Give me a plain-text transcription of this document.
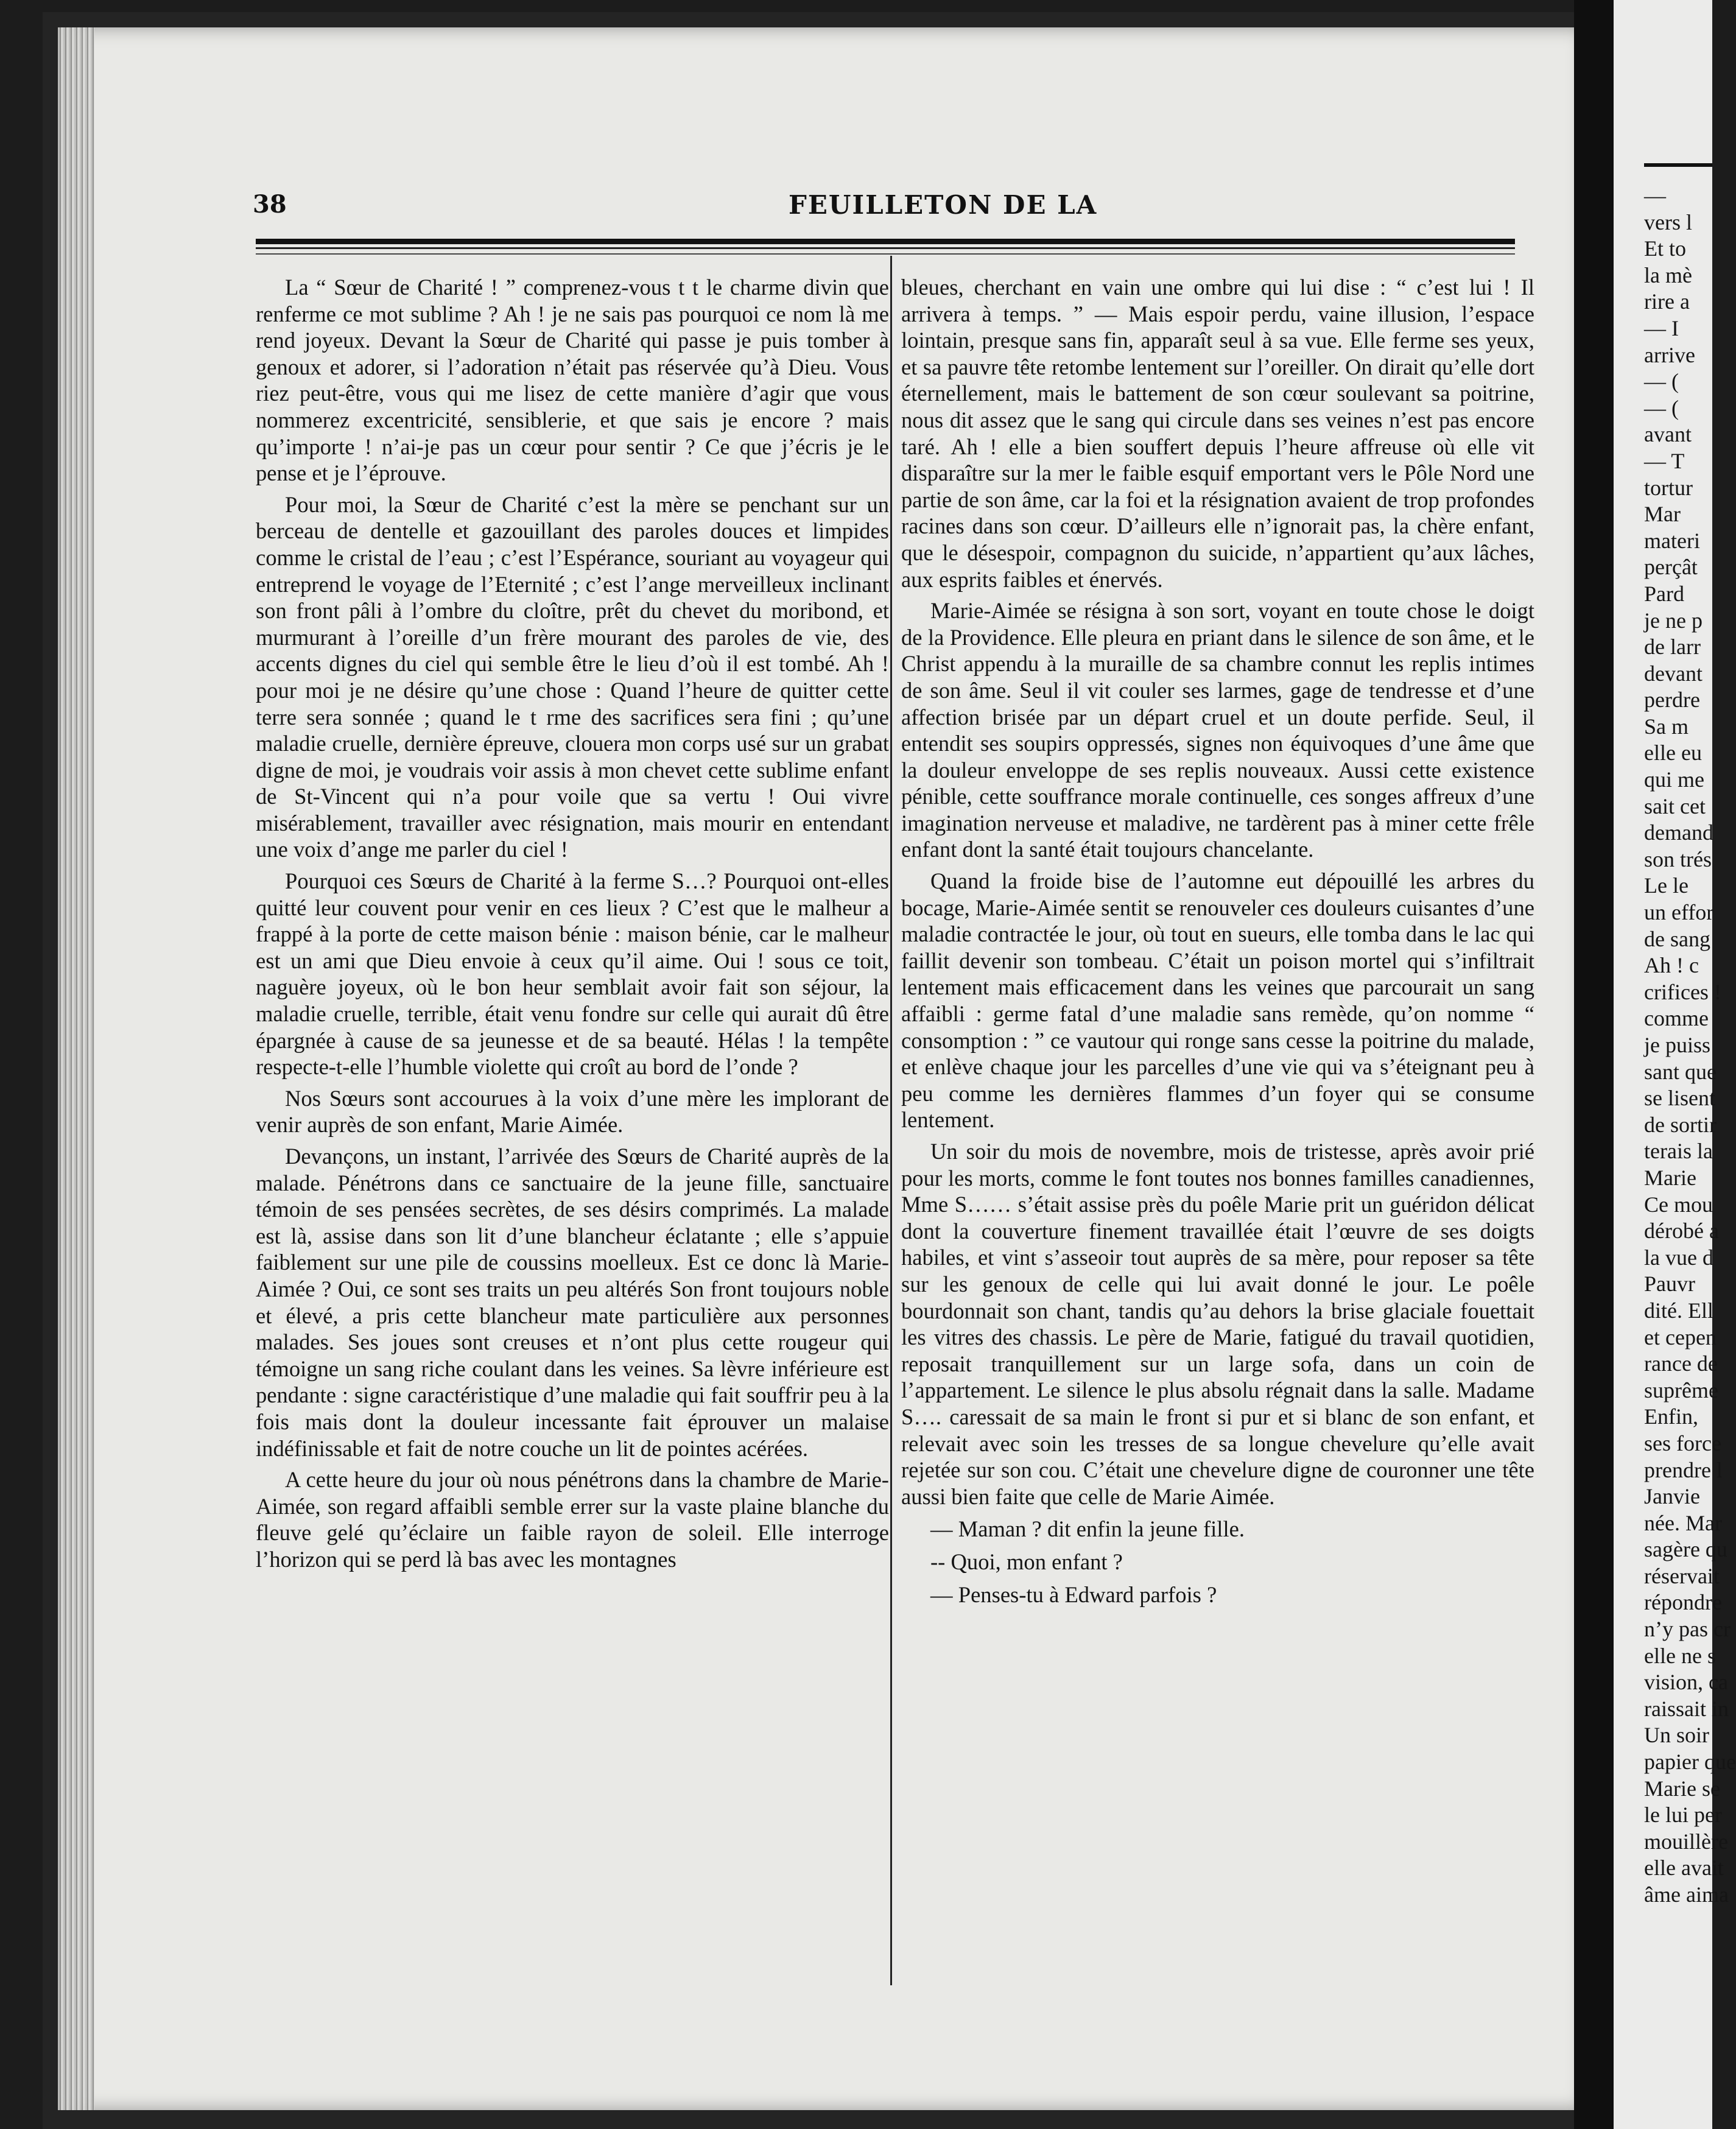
—
vers l
Et to
la mè
rire a
— I
arrive
— (
— (
avant
— T
tortur
Mar
materi
perçât
Pard
je ne p
de larr
devant
perdre
Sa m
elle eu
qui me
sait cet
demand
son trés
Le le
un effor
de sang
Ah ! c
crifices !
comme
je puiss
sant que
se lisent
de sortir
terais la
Marie
Ce mou
dérobé a
la vue d
Pauvr
dité. Ell
et cepen
rance de
suprême
Enfin,
ses force
prendre l
Janvie
née. Mar
sagère qu
réservait
répondre
n’y pas cr
elle ne s
vision, ca
raissait in
Un soir
papier que
Marie se
le lui per
mouillère
elle avait
âme aima
38	FEUILLETON DE LA

La “ Sœur de Charité ! ” comprenez-vous t t le charme divin que renferme ce mot sublime ? Ah ! je ne sais pas pourquoi ce nom là me rend joyeux. Devant la Sœur de Charité qui passe je puis tomber à genoux et adorer, si l’adoration n’était pas réservée qu’à Dieu. Vous riez peut-être, vous qui me lisez de cette manière d’agir que vous nommerez excentricité, sensiblerie, et que sais je encore ? mais qu’importe ! n’ai-je pas un cœur pour sentir ? Ce que j’écris je le pense et je l’éprouve.

Pour moi, la Sœur de Charité c’est la mère se penchant sur un berceau de dentelle et gazouillant des paroles douces et limpides comme le cristal de l’eau ; c’est l’Espérance, souriant au voyageur qui entreprend le voyage de l’Eternité ; c’est l’ange merveilleux inclinant son front pâli à l’ombre du cloître, prêt du chevet du moribond, et murmurant à l’oreille d’un frère mourant des paroles de vie, des accents dignes du ciel qui semble être le lieu d’où il est tombé. Ah ! pour moi je ne désire qu’une chose : Quand l’heure de quitter cette terre sera sonnée ; quand le t rme des sacrifices sera fini ; qu’une maladie cruelle, dernière épreuve, clouera mon corps usé sur un grabat digne de moi, je voudrais voir assis à mon chevet cette sublime enfant de St-Vincent qui n’a pour voile que sa vertu ! Oui vivre misérablement, travailler avec résignation, mais mourir en entendant une voix d’ange me parler du ciel !

Pourquoi ces Sœurs de Charité à la ferme S…? Pourquoi ont-elles quitté leur couvent pour venir en ces lieux ? C’est que le malheur a frappé à la porte de cette maison bénie : maison bénie, car le malheur est un ami que Dieu envoie à ceux qu’il aime. Oui ! sous ce toit, naguère joyeux, où le bon heur semblait avoir fait son séjour, la maladie cruelle, terrible, était venu fondre sur celle qui aurait dû être épargnée à cause de sa jeunesse et de sa beauté. Hélas ! la tempête respecte-t-elle l’humble violette qui croît au bord de l’onde ?

Nos Sœurs sont accourues à la voix d’une mère les implorant de venir auprès de son enfant, Marie Aimée.

Devançons, un instant, l’arrivée des Sœurs de Charité auprès de la malade. Pénétrons dans ce sanctuaire de la jeune fille, sanctuaire témoin de ses pensées secrètes, de ses désirs comprimés. La malade est là, assise dans son lit d’une blancheur éclatante ; elle s’appuie faiblement sur une pile de coussins moelleux. Est ce donc là Marie-Aimée ? Oui, ce sont ses traits un peu altérés Son front toujours noble et élevé, a pris cette blancheur mate particulière aux personnes malades. Ses joues sont creuses et n’ont plus cette rougeur qui témoigne un sang riche coulant dans les veines. Sa lèvre inférieure est pendante : signe caractéristique d’une maladie qui fait souffrir peu à la fois mais dont la douleur incessante fait éprouver un malaise indéfinissable et fait de notre couche un lit de pointes acérées.

A cette heure du jour où nous pénétrons dans la chambre de Marie-Aimée, son regard affaibli semble errer sur la vaste plaine blanche du fleuve gelé qu’éclaire un faible rayon de soleil. Elle interroge l’horizon qui se perd là bas avec les montagnes

bleues, cherchant en vain une ombre qui lui dise : “ c’est lui ! Il arrivera à temps. ” — Mais espoir perdu, vaine illusion, l’espace lointain, presque sans fin, apparaît seul à sa vue. Elle ferme ses yeux, et sa pauvre tête retombe lentement sur l’oreiller. On dirait qu’elle dort éternellement, mais le battement de son cœur soulevant sa poitrine, nous dit assez que le sang qui circule dans ses veines n’est pas encore taré. Ah ! elle a bien souffert depuis l’heure affreuse où elle vit disparaître sur la mer le faible esquif emportant vers le Pôle Nord une partie de son âme, car la foi et la résignation avaient de trop profondes racines dans son cœur. D’ailleurs elle n’ignorait pas, la chère enfant, que le désespoir, compagnon du suicide, n’appartient qu’aux lâches, aux esprits faibles et énervés.

Marie-Aimée se résigna à son sort, voyant en toute chose le doigt de la Providence. Elle pleura en priant dans le silence de son âme, et le Christ appendu à la muraille de sa chambre connut les replis intimes de son âme. Seul il vit couler ses larmes, gage de tendresse et d’une affection brisée par un départ cruel et un doute perfide. Seul, il entendit ses soupirs oppressés, signes non équivoques d’une âme que la douleur enveloppe de ses replis nouveaux. Aussi cette existence pénible, cette souffrance morale continuelle, ces songes affreux d’une imagination nerveuse et maladive, ne tardèrent pas à miner cette frêle enfant dont la santé était toujours chancelante.

Quand la froide bise de l’automne eut dépouillé les arbres du bocage, Marie-Aimée sentit se renouveler ces douleurs cuisantes d’une maladie contractée le jour, où tout en sueurs, elle tomba dans le lac qui faillit devenir son tombeau. C’était un poison mortel qui s’infiltrait lentement mais efficacement dans les veines que parcourait un sang affaibli : germe fatal d’une maladie sans remède, qu’on nomme “ consomption : ” ce vautour qui ronge sans cesse la poitrine du malade, et enlève chaque jour les parcelles d’une vie qui va s’éteignant peu à peu comme les dernières flammes d’un foyer qui se consume lentement.

Un soir du mois de novembre, mois de tristesse, après avoir prié pour les morts, comme le font toutes nos bonnes familles canadiennes, Mme S…… s’était assise près du poêle Marie prit un guéridon délicat dont la couverture finement travaillée était l’œuvre de ses doigts habiles, et vint s’asseoir tout auprès de sa mère, pour reposer sa tête sur les genoux de celle qui lui avait donné le jour. Le poêle bourdonnait son chant, tandis qu’au dehors la brise glaciale fouettait les vitres des chassis. Le père de Marie, fatigué du travail quotidien, reposait tranquillement sur un large sofa, dans un coin de l’appartement. Le silence le plus absolu régnait dans la salle. Madame S…. caressait de sa main le front si pur et si blanc de son enfant, et relevait avec soin les tresses de sa longue chevelure qu’elle avait rejetée sur son cou. C’était une chevelure digne de couronner une tête aussi bien faite que celle de Marie Aimée.

— Maman ? dit enfin la jeune fille.

-- Quoi, mon enfant ?

— Penses-tu à Edward parfois ?
